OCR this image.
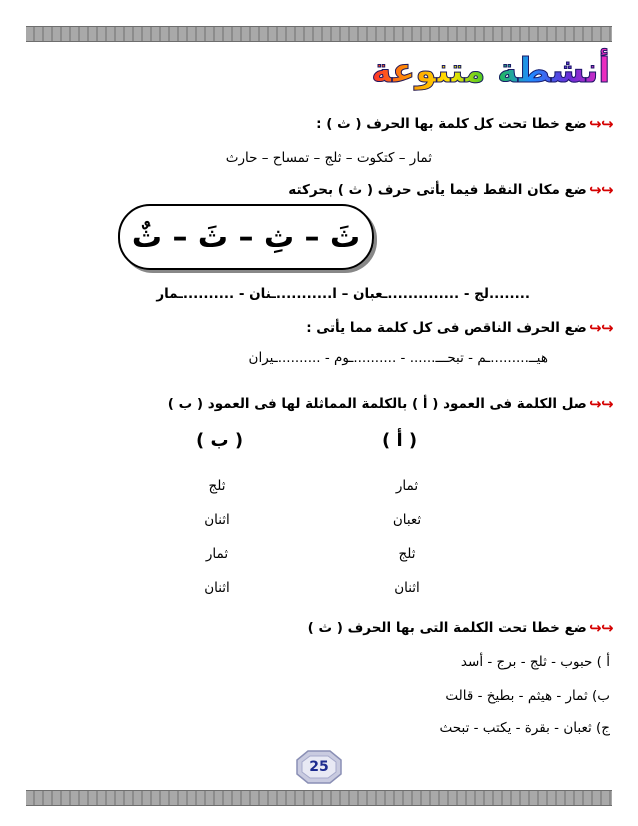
أنشطة متنوعة
↩
↩
ضع خطا تحت كل كلمة بها الحرف ( ث ) :
ثمار – كتكوت – ثلج – تمساح – حارث
↩
↩
ضع مكان النقط فيما يأتى حرف ( ث ) بحركته
ثَ – ثِ – ثَ – ثٌ
........لج - ..............ـعبان – ا...........ـنان - ..........ـمار
↩
↩
ضع الحرف الناقص فى كل كلمة مما يأتى :
هيــ.........ـم - تبحـــ...... - ..........ـوم - ..........ـيران
↩
↩
صل الكلمة فى العمود ( أ ) بالكلمة المماثلة لها فى العمود ( ب )
( أ )
( ب )
ثمار
ثعبان
ثلج
اثنان
ثلج
اثنان
ثمار
اثنان
↩
↩
ضع خطا تحت الكلمة التى بها الحرف ( ث )
أ ) حبوب - ثلج - برج - أسد
ب) ثمار - هيثم - بطيخ - قالت
ج) ثعبان - بقرة - يكتب - تبحث
25
